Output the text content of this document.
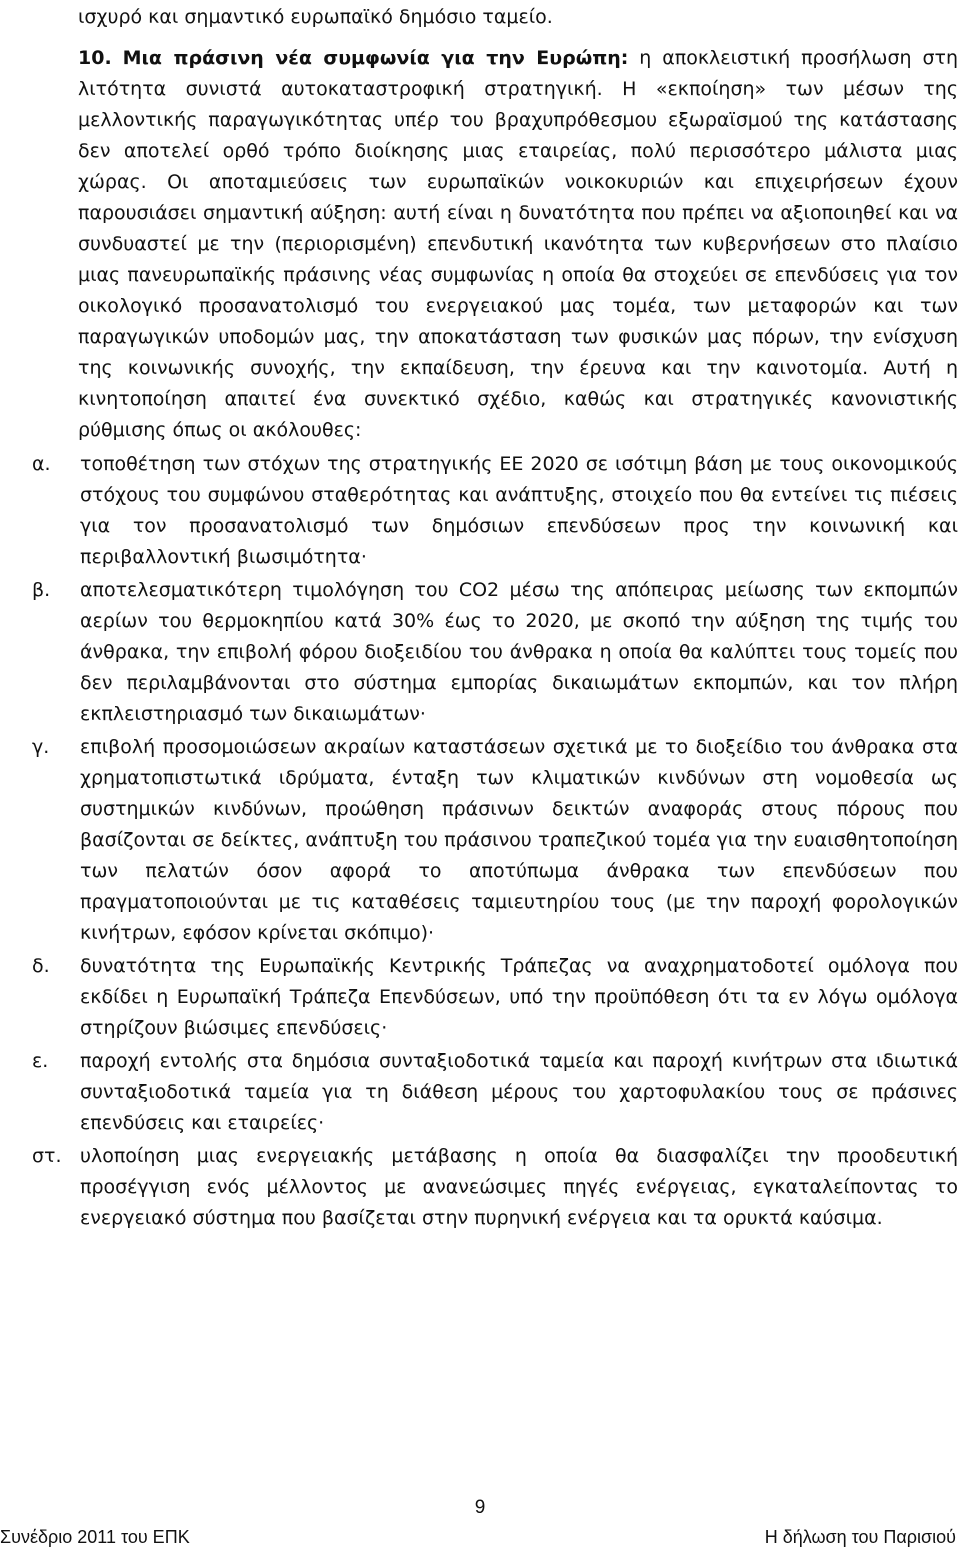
ισχυρό και σημαντικό ευρωπαϊκό δημόσιο ταμείο.

10. Μια πράσινη νέα συμφωνία για την Ευρώπη: η αποκλειστική προσήλωση στη λιτότητα συνιστά αυτοκαταστροφική στρατηγική. Η «εκποίηση» των μέσων της μελλοντικής παραγωγικότητας υπέρ του βραχυπρόθεσμου εξωραϊσμού της κατάστασης δεν αποτελεί ορθό τρόπο διοίκησης μιας εταιρείας, πολύ περισσότερο μάλιστα μιας χώρας. Οι αποταμιεύσεις των ευρωπαϊκών νοικοκυριών και επιχειρήσεων έχουν παρουσιάσει σημαντική αύξηση: αυτή είναι η δυνατότητα που πρέπει να αξιοποιηθεί και να συνδυαστεί με την (περιορισμένη) επενδυτική ικανότητα των κυβερνήσεων στο πλαίσιο μιας πανευρωπαϊκής πράσινης νέας συμφωνίας η οποία θα στοχεύει σε επενδύσεις για τον οικολογικό προσανατολισμό του ενεργειακού μας τομέα, των μεταφορών και των παραγωγικών υποδομών μας, την αποκατάσταση των φυσικών μας πόρων, την ενίσχυση της κοινωνικής συνοχής, την εκπαίδευση, την έρευνα και την καινοτομία. Αυτή η κινητοποίηση απαιτεί ένα συνεκτικό σχέδιο, καθώς και στρατηγικές κανονιστικής ρύθμισης όπως οι ακόλουθες:

α.	τοποθέτηση των στόχων της στρατηγικής ΕΕ 2020 σε ισότιμη βάση με τους οικονομικούς στόχους του συμφώνου σταθερότητας και ανάπτυξης, στοιχείο που θα εντείνει τις πιέσεις για τον προσανατολισμό των δημόσιων επενδύσεων προς την κοινωνική και περιβαλλοντική βιωσιμότητα·
β.	αποτελεσματικότερη τιμολόγηση του CO2 μέσω της απόπειρας μείωσης των εκπομπών αερίων του θερμοκηπίου κατά 30% έως το 2020, με σκοπό την αύξηση της τιμής του άνθρακα, την επιβολή φόρου διοξειδίου του άνθρακα η οποία θα καλύπτει τους τομείς που δεν περιλαμβάνονται στο σύστημα εμπορίας δικαιωμάτων εκπομπών, και τον πλήρη εκπλειστηριασμό των δικαιωμάτων·
γ.	επιβολή προσομοιώσεων ακραίων καταστάσεων σχετικά με το διοξείδιο του άνθρακα στα χρηματοπιστωτικά ιδρύματα, ένταξη των κλιματικών κινδύνων στη νομοθεσία ως συστημικών κινδύνων, προώθηση πράσινων δεικτών αναφοράς στους πόρους που βασίζονται σε δείκτες, ανάπτυξη του πράσινου τραπεζικού τομέα για την ευαισθητοποίηση των πελατών όσον αφορά το αποτύπωμα άνθρακα των επενδύσεων που πραγματοποιούνται με τις καταθέσεις ταμιευτηρίου τους (με την παροχή φορολογικών κινήτρων, εφόσον κρίνεται σκόπιμο)·
δ.	δυνατότητα της Ευρωπαϊκής Κεντρικής Τράπεζας να αναχρηματοδοτεί ομόλογα που εκδίδει η Ευρωπαϊκή Τράπεζα Επενδύσεων, υπό την προϋπόθεση ότι τα εν λόγω ομόλογα στηρίζουν βιώσιμες επενδύσεις·
ε.	παροχή εντολής στα δημόσια συνταξιοδοτικά ταμεία και παροχή κινήτρων στα ιδιωτικά συνταξιοδοτικά ταμεία για τη διάθεση μέρους του χαρτοφυλακίου τους σε πράσινες επενδύσεις και εταιρείες·
στ. υλοποίηση μιας ενεργειακής μετάβασης η οποία θα διασφαλίζει την προοδευτική προσέγγιση ενός μέλλοντος με ανανεώσιμες πηγές ενέργειας, εγκαταλείποντας το ενεργειακό σύστημα που βασίζεται στην πυρηνική ενέργεια και τα ορυκτά καύσιμα.
9
Συνέδριο 2011 του ΕΠΚ	Η δήλωση του Παρισιού
